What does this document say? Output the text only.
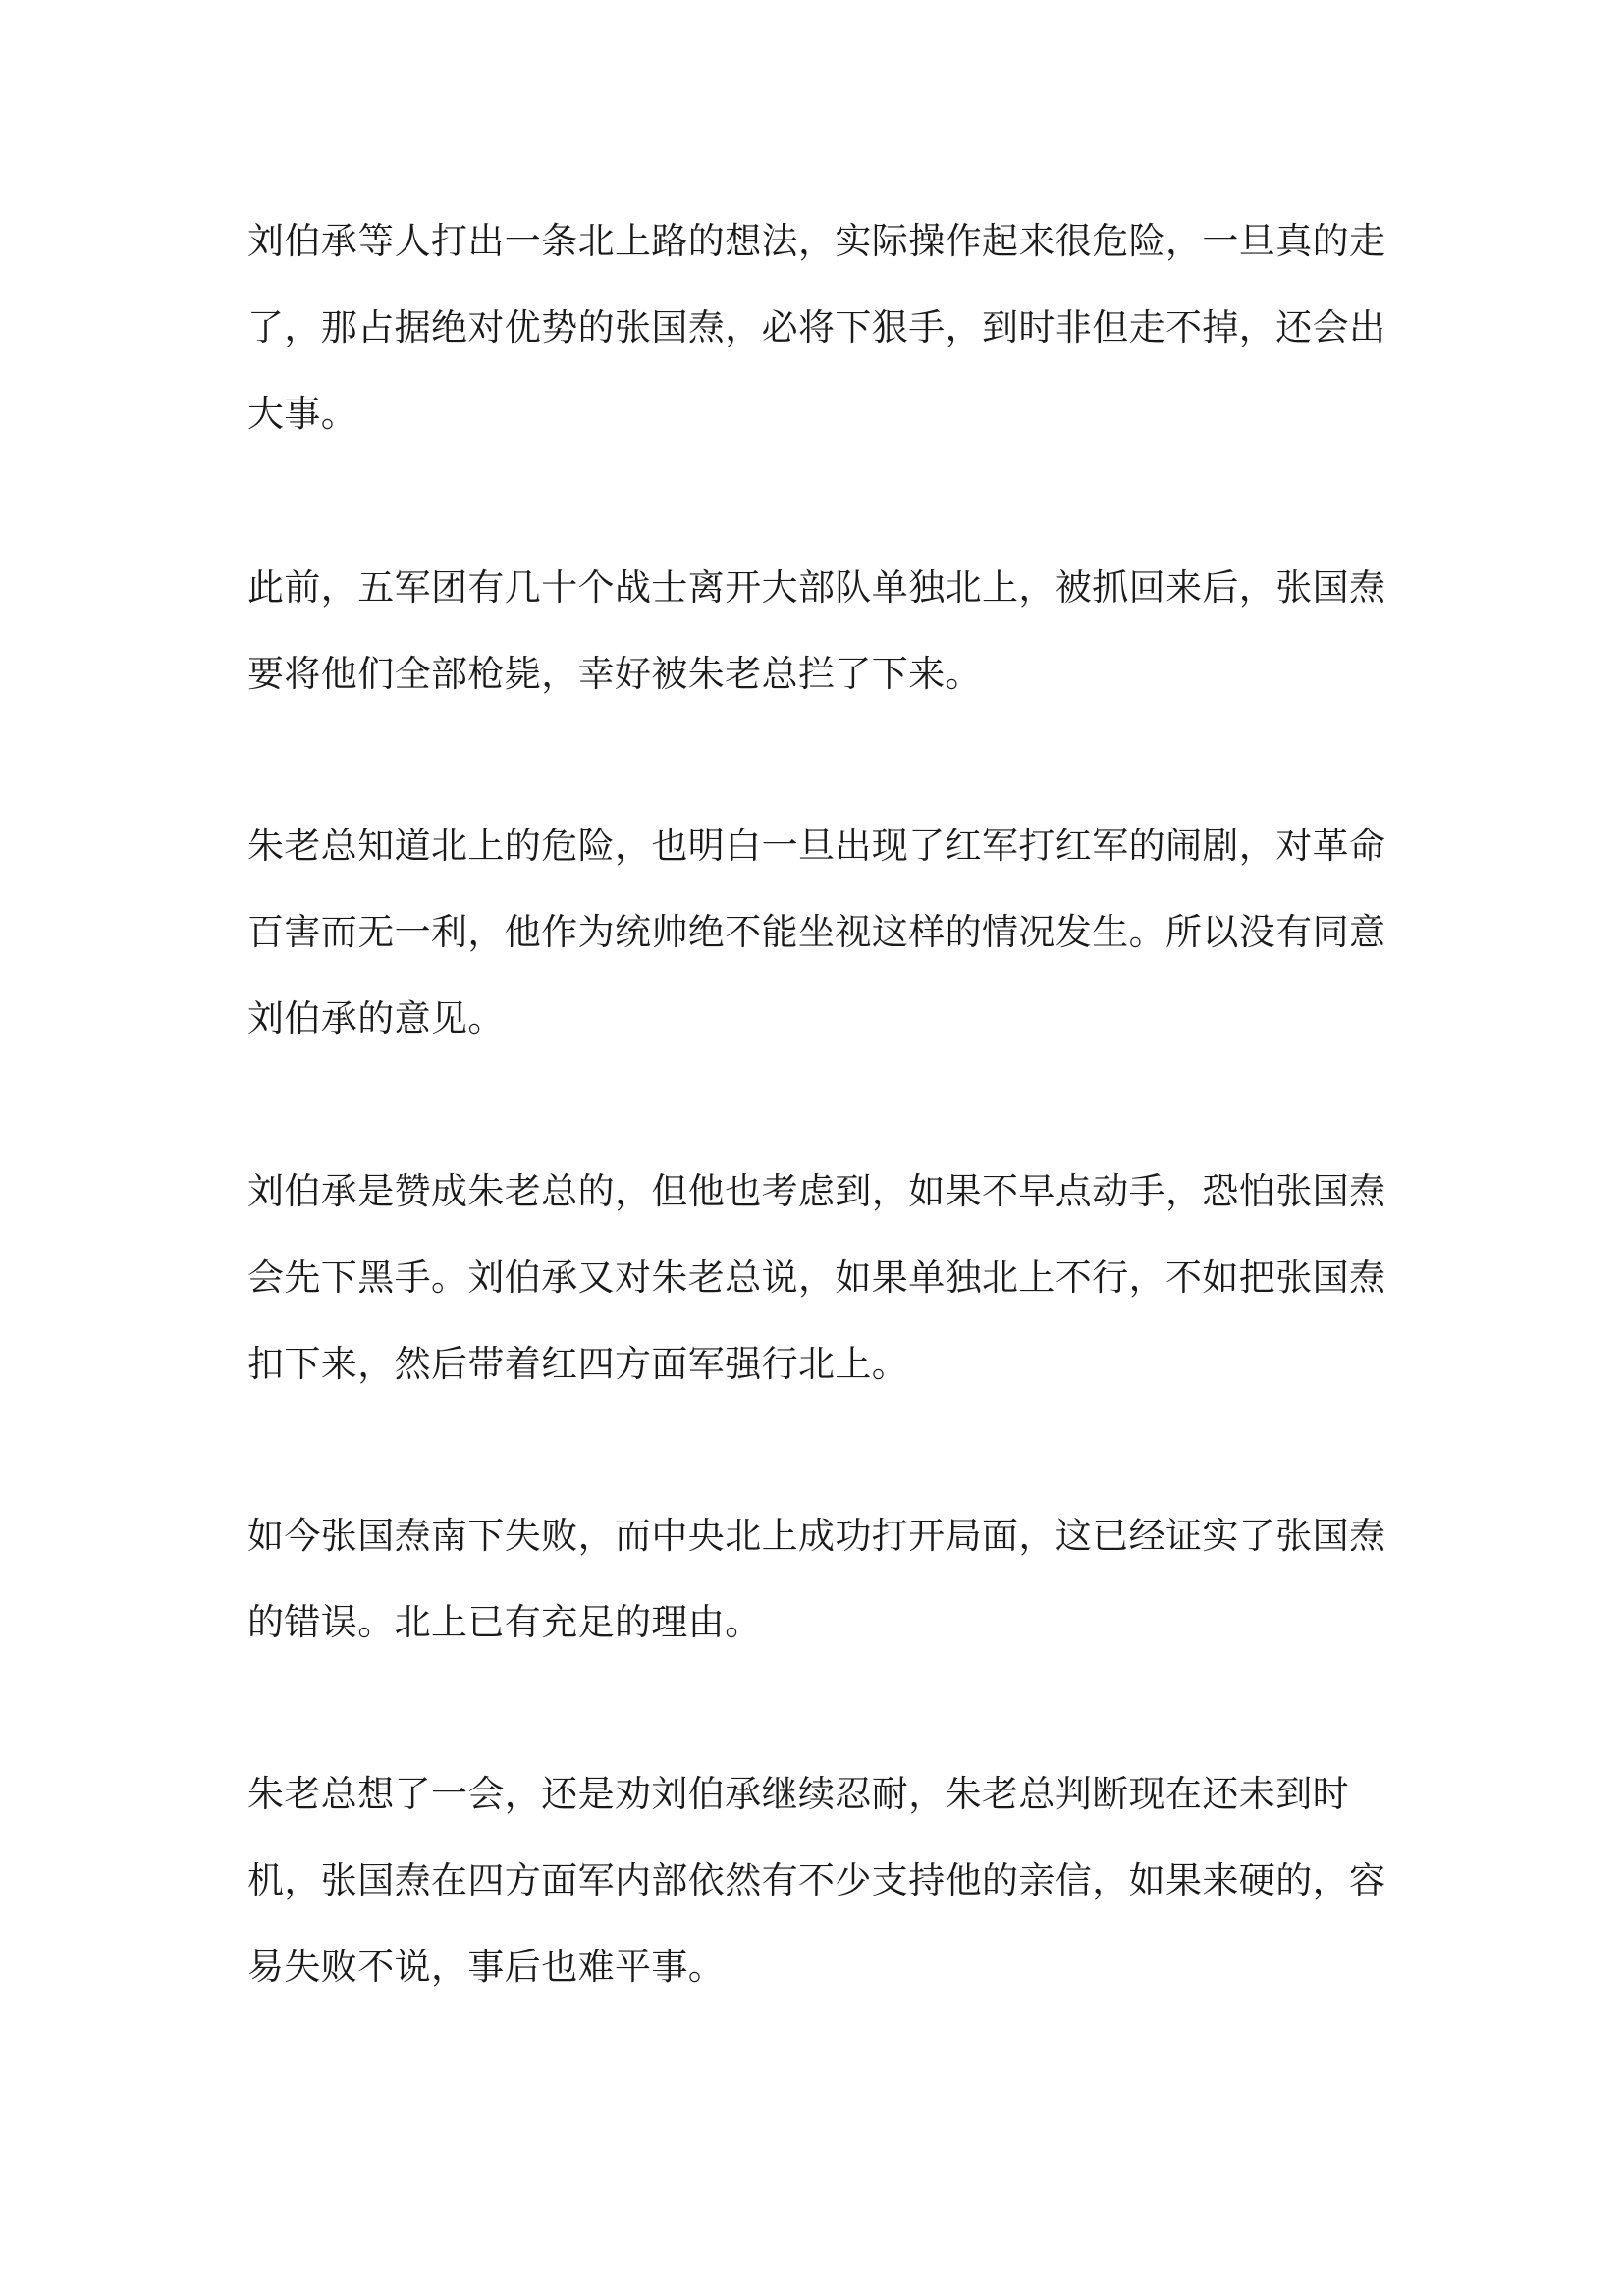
刘伯承等人打出一条北上路的想法，实际操作起来很危险，一旦真的走
了，那占据绝对优势的张国焘，必将下狠手，到时非但走不掉，还会出
大事。

此前，五军团有几十个战士离开大部队单独北上，被抓回来后，张国焘
要将他们全部枪毙，幸好被朱老总拦了下来。

朱老总知道北上的危险，也明白一旦出现了红军打红军的闹剧，对革命
百害而无一利，他作为统帅绝不能坐视这样的情况发生。所以没有同意
刘伯承的意见。

刘伯承是赞成朱老总的，但他也考虑到，如果不早点动手，恐怕张国焘
会先下黑手。刘伯承又对朱老总说，如果单独北上不行，不如把张国焘
扣下来，然后带着红四方面军强行北上。

如今张国焘南下失败，而中央北上成功打开局面，这已经证实了张国焘
的错误。北上已有充足的理由。

朱老总想了一会，还是劝刘伯承继续忍耐，朱老总判断现在还未到时
机，张国焘在四方面军内部依然有不少支持他的亲信，如果来硬的，容
易失败不说，事后也难平事。
